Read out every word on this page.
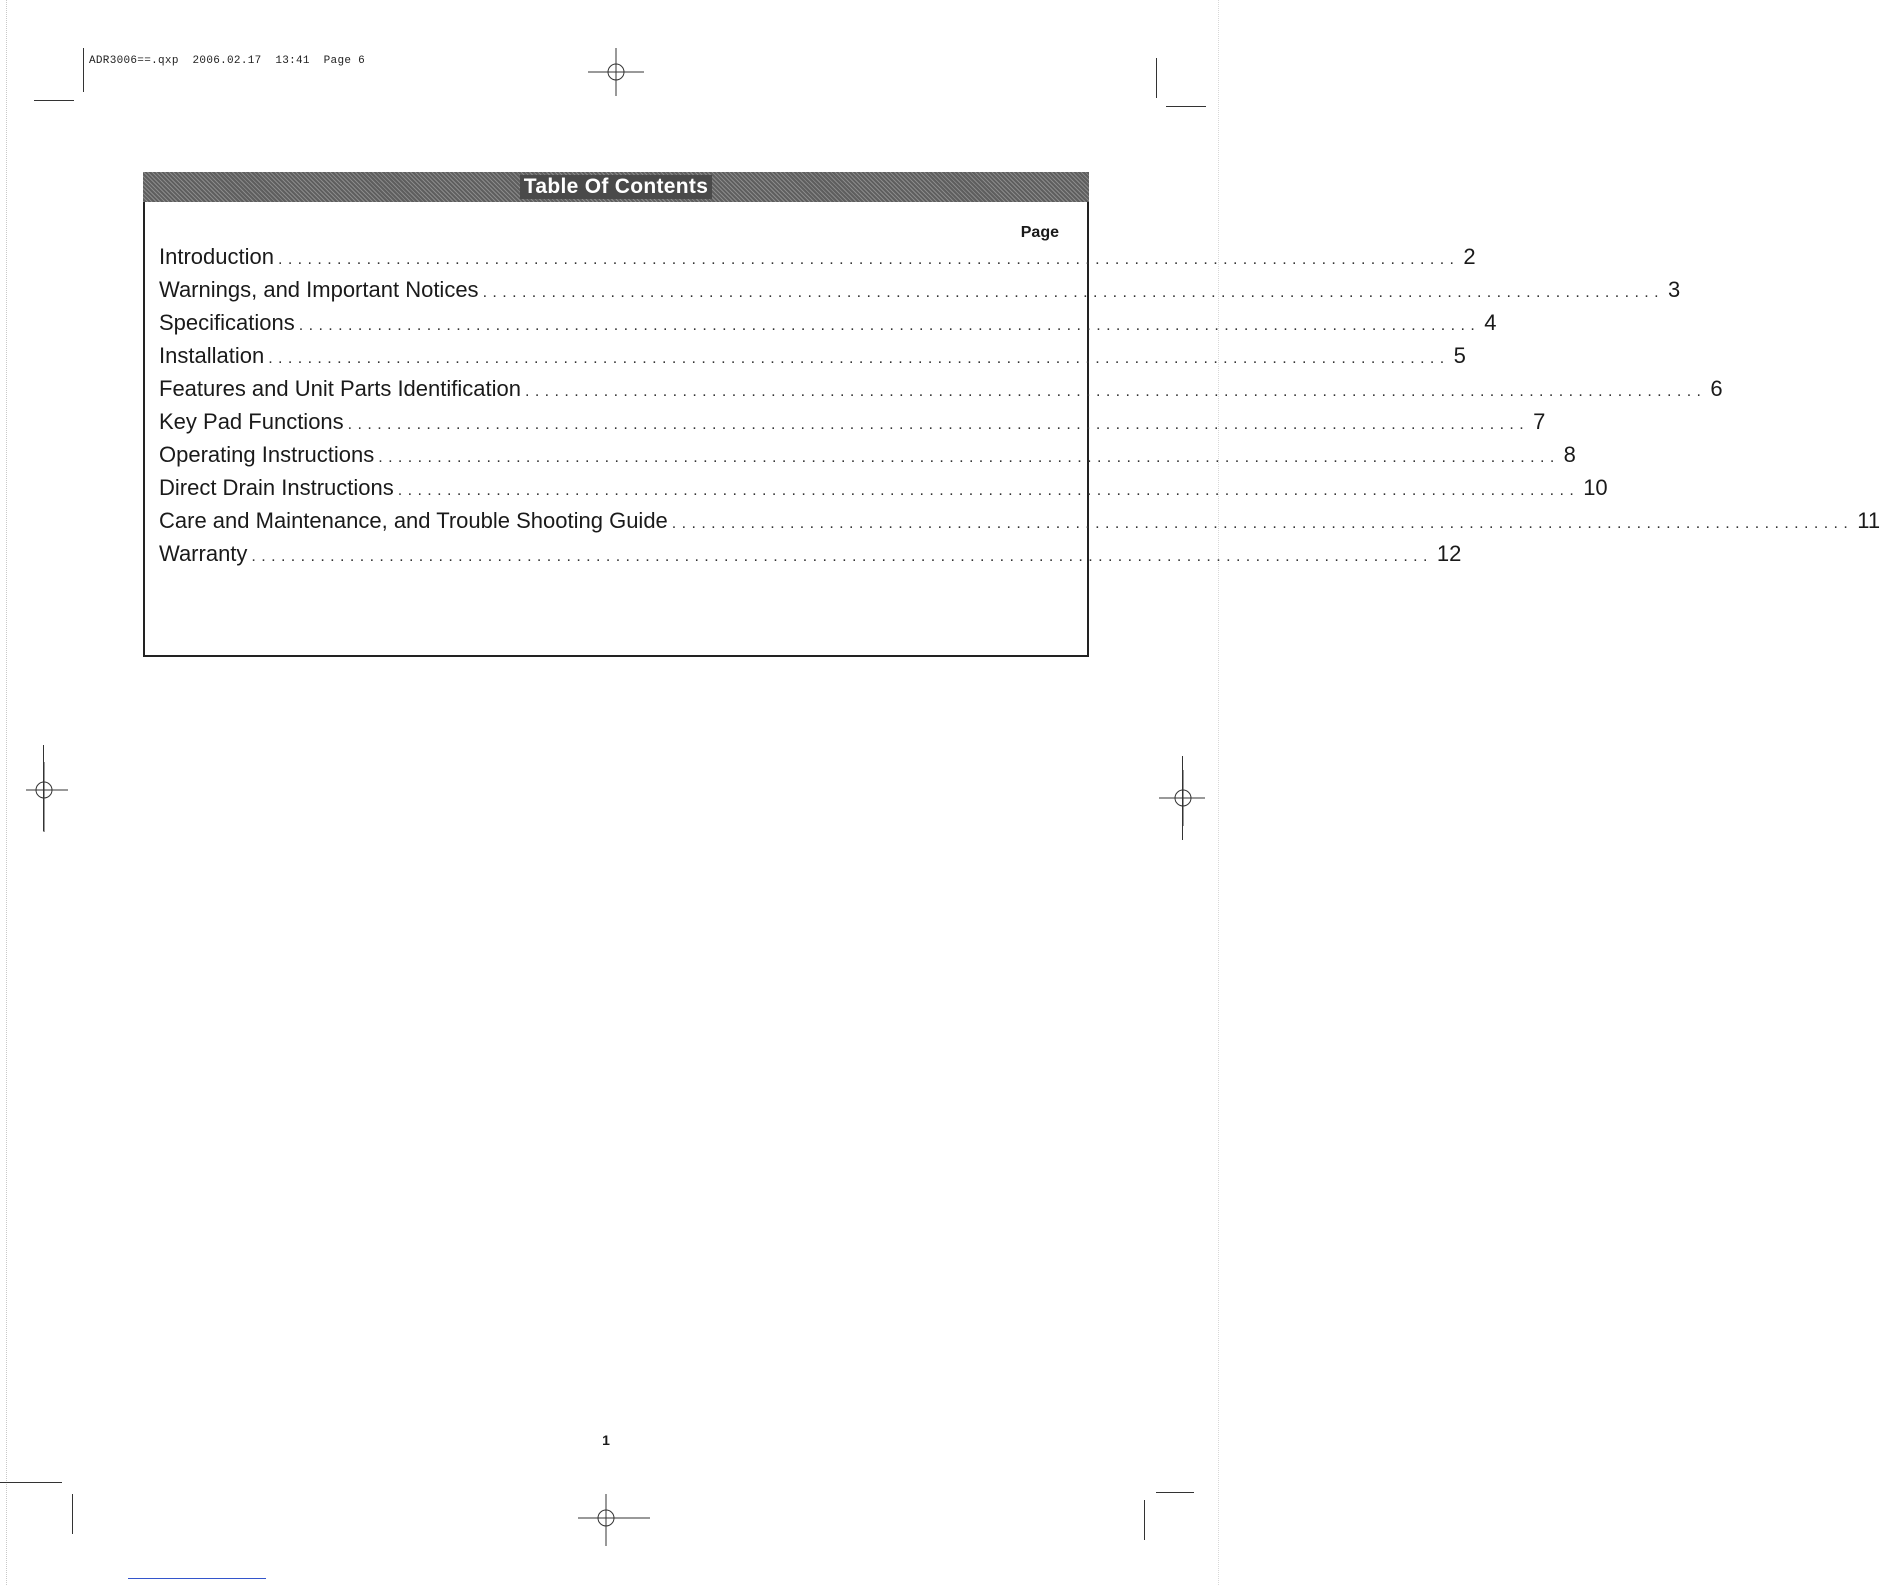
ADR3006==.qxp  2006.02.17  13:41  Page 6
Table Of Contents
Page
Introduction ........................................................................................................................ 2
Warnings, and Important Notices ........................................................................................................................ 3
Specifications ........................................................................................................................ 4
Installation ........................................................................................................................ 5
Features and Unit Parts Identification ........................................................................................................................ 6
Key Pad Functions ........................................................................................................................ 7
Operating Instructions ........................................................................................................................ 8
Direct Drain Instructions ........................................................................................................................ 10
Care and Maintenance, and Trouble Shooting Guide ........................................................................................................................ 11
Warranty ........................................................................................................................ 12
1
